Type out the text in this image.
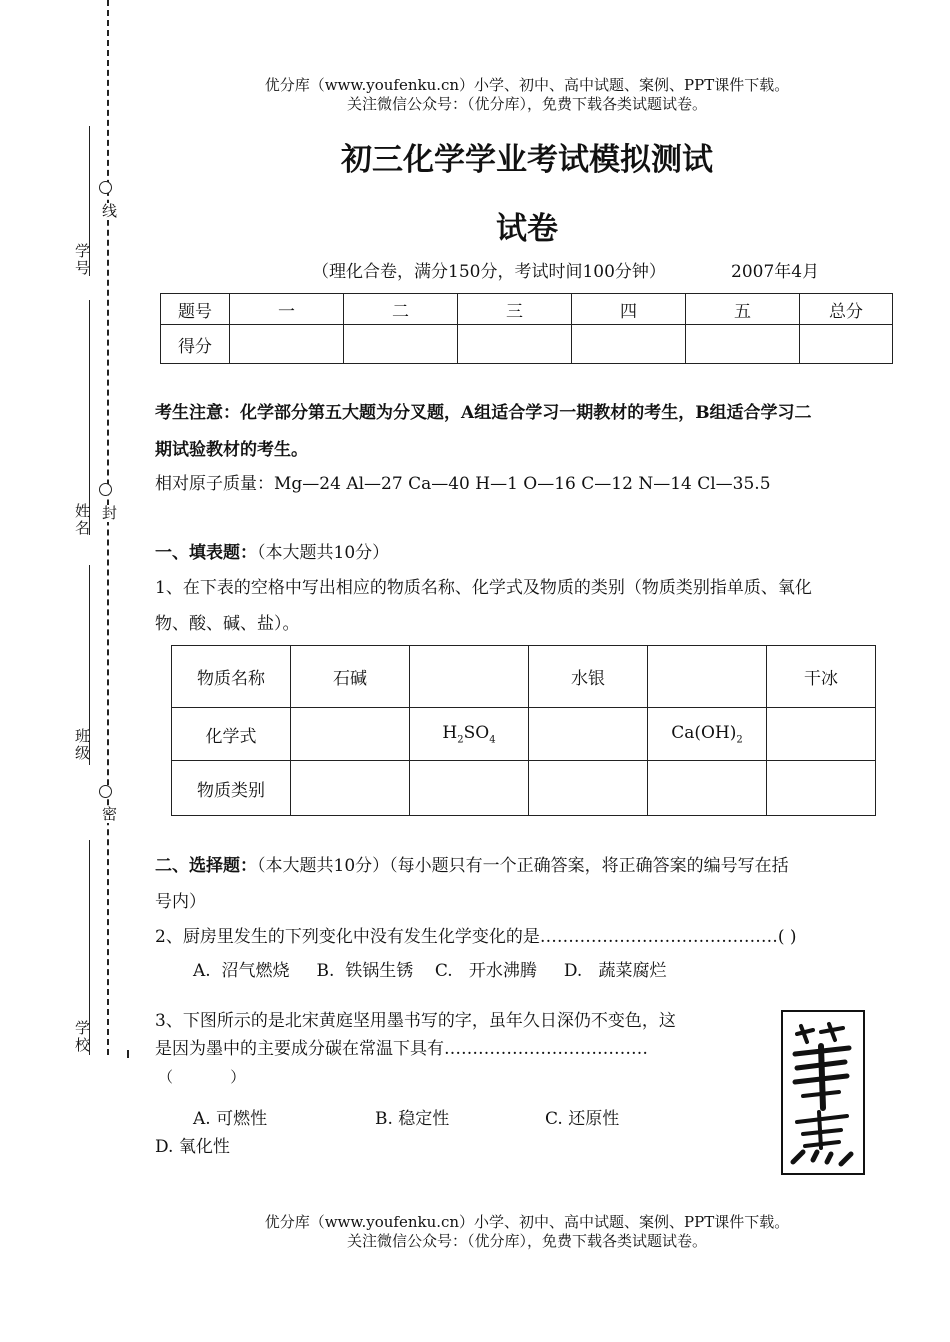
优分库（www.youfenku.cn）小学、初中、高中试题、案例、PPT课件下载。
关注微信公众号：（优分库），免费下载各类试题试卷。
学号
线
姓名 封
班级
密
学校
初三化学学业考试模拟测试
试卷
（理化合卷，满分150分，考试时间100分钟）	2007年4月
题号	一	二	三	四	五	总分
得分						
考生注意：化学部分第五大题为分叉题，A组适合学习一期教材的考生，B组适合学习二
期试验教材的考生。
相对原子质量：Mg—24 Al—27 Ca—40 H—1 O—16 C—12 N—14 Cl—35.5
一、填表题：（本大题共10分）
1、在下表的空格中写出相应的物质名称、化学式及物质的类别（物质类别指单质、氧化
物、酸、碱、盐）。
物质名称	石碱		水银		干冰
化学式		$H_2SO_4$		$Ca(OH)_2$	
物质类别					
二、选择题：（本大题共10分）（每小题只有一个正确答案，将正确答案的编号写在括
号内）
2、厨房里发生的下列变化中没有发生化学变化的是……………………………………( )
A.  沼气燃烧     B.  铁锅生锈    C.   开水沸腾     D.   蔬菜腐烂
3、下图所示的是北宋黄庭坚用墨书写的字，虽年久日深仍不变色，这
是因为墨中的主要成分碳在常温下具有………………………………
（            ）
A. 可燃性	B. 稳定性	C. 还原性
D. 氧化性
优分库（www.youfenku.cn）小学、初中、高中试题、案例、PPT课件下载。
关注微信公众号：（优分库），免费下载各类试题试卷。
